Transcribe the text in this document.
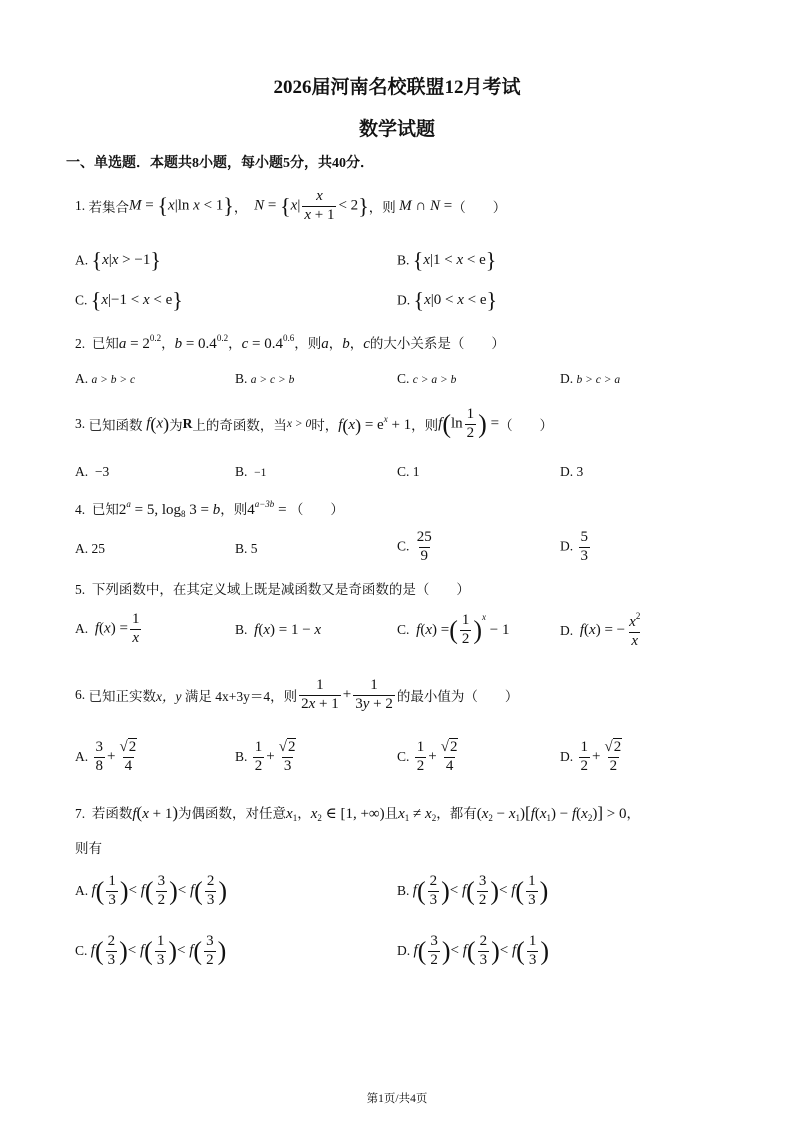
2026届河南名校联盟12月考试
数学试题
一、单选题．本题共8小题，每小题5分，共40分．
1.
若集合 M = {x|ln x < 1} ，
$N = \{x| \frac{x}{x + 1} < 2\}$ ，则
M ∩ N = （　　）
A. {x|x > −1}	B. {x|1 < x < e}
C. {x|−1 < x < e}	D. {x|0 < x < e}
2. 已知$a = 2^{0.2}$，$b = 0.4^{0.2}$，$c = 0.4^{0.6}$，则a，b，c的大小关系是（　　）
A. a > b > c	B. a > c > b	C. c > a > b	D. b > c > a
3.
已知函数 f(x) 为 R 上的奇函数，当 x > 0 时， $f(x) = e^x + 1$ ，则 $f(\ln \frac{1}{2}$ ) = （　　）
A. −3	B. −1	C. 1	D. 3
4. 已知$2^a = 5$, $\log_8 3 = b$，则$4^{a-3b}$ = （　　）
A. 25	B. 5	C. $\frac{25}{9}$	D. $\frac{5}{3}$
5. 下列函数中，在其定义域上既是减函数又是奇函数的是（　　）
A.
$f(x) = \frac{1}{x}$	B. f(x) = 1 − x	C.
f(x) =( $\frac{1}{2} )^x - 1$	D.
f(x) = − $\frac{x^2}{x}$
6.
已知正实数 x，y
满足
4x+3y＝4 ，则 $\frac{1}{2x + 1} + \frac{1}{3y + 2}$ 的最小值为（　　）
A.
$\frac{3}{8} + \frac{√2}{4}$	B.
$\frac{1}{2} + \frac{√2}{3}$	C.
$\frac{1}{2} + \frac{√2}{4}$	D.
$\frac{1}{2} + \frac{√2}{2}$
7. 若函数f(x + 1)为偶函数，对任意$x_1$，$x_2$ ∈ [1, +∞)且$x_1 \ne x_2$，都有$(x_2 - x_1)[f(x_1) - f(x_2)] > 0$，
则有
A.
$f( \frac{1}{3}$ )< $f( \frac{3}{2}$ )< $f( \frac{2}{3}$ )	B.
$f( \frac{2}{3}$ )< $f( \frac{3}{2}$ )< $f( \frac{1}{3}$ )
C.
$f( \frac{2}{3}$ )< $f( \frac{1}{3}$ )< $f( \frac{3}{2}$ )	D.
$f( \frac{3}{2}$ )< $f( \frac{2}{3}$ )< $f( \frac{1}{3}$ )
第1页/共4页
